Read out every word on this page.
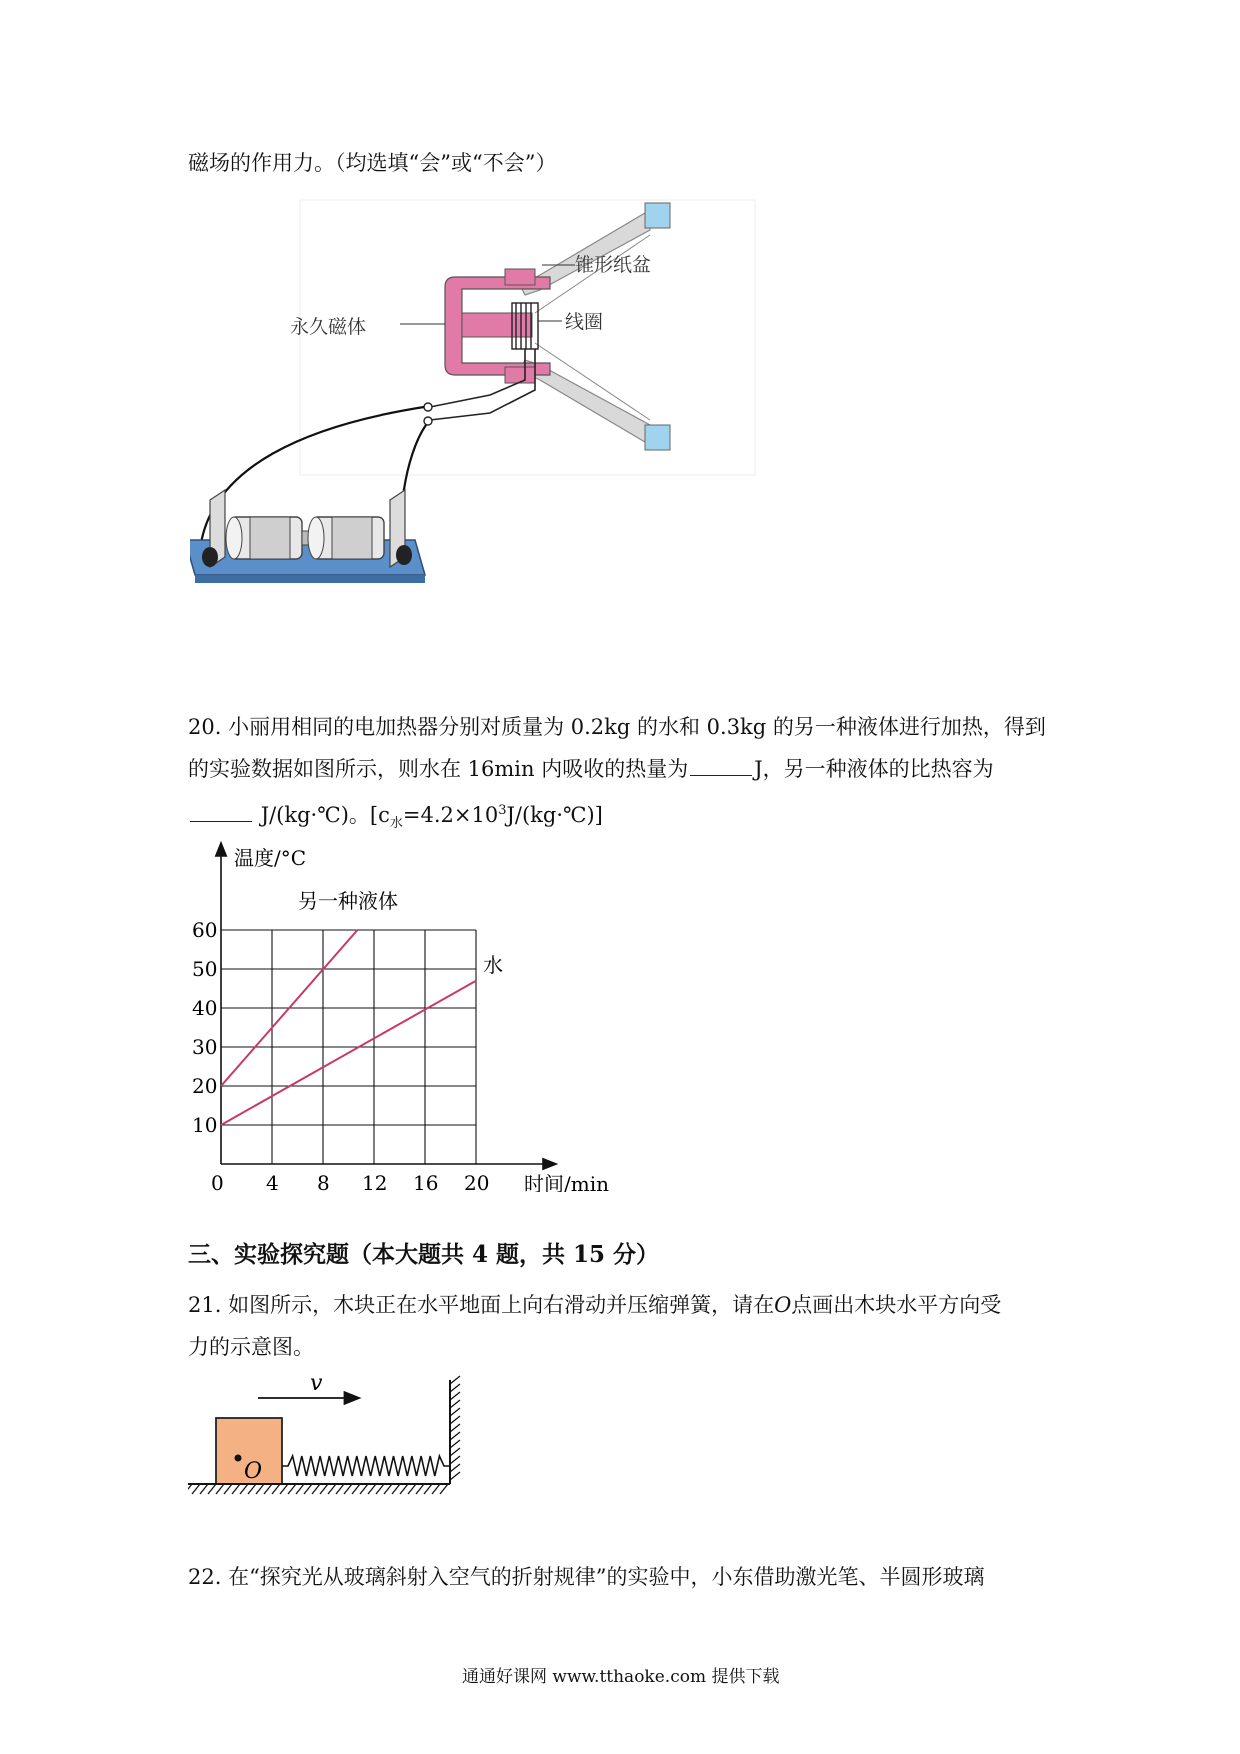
磁场的作用力。（均选填“会”或“不会”）
锥形纸盆
永久磁体	线圈
20. 小丽用相同的电加热器分别对质量为 0.2kg 的水和 0.3kg 的另一种液体进行加热，得到
的实验数据如图所示，则水在 16min 内吸收的热量为	J，另一种液体的比热容为
J/(kg·℃)。$[c_水=4.2\times 10^3J/(kg\cdot℃)]$
0 4 8 12 16 20
10
20
30
40
50
60
温度/°C
时间/min
另一种液体
水
三、实验探究题（本大题共 4 题，共 15 分）
21. 如图所示，木块正在水平地面上向右滑动并压缩弹簧，请在O点画出木块水平方向受
力的示意图。
v
O
22. 在“探究光从玻璃斜射入空气的折射规律”的实验中，小东借助激光笔、半圆形玻璃
通通好课网 www.tthaoke.com 提供下载
